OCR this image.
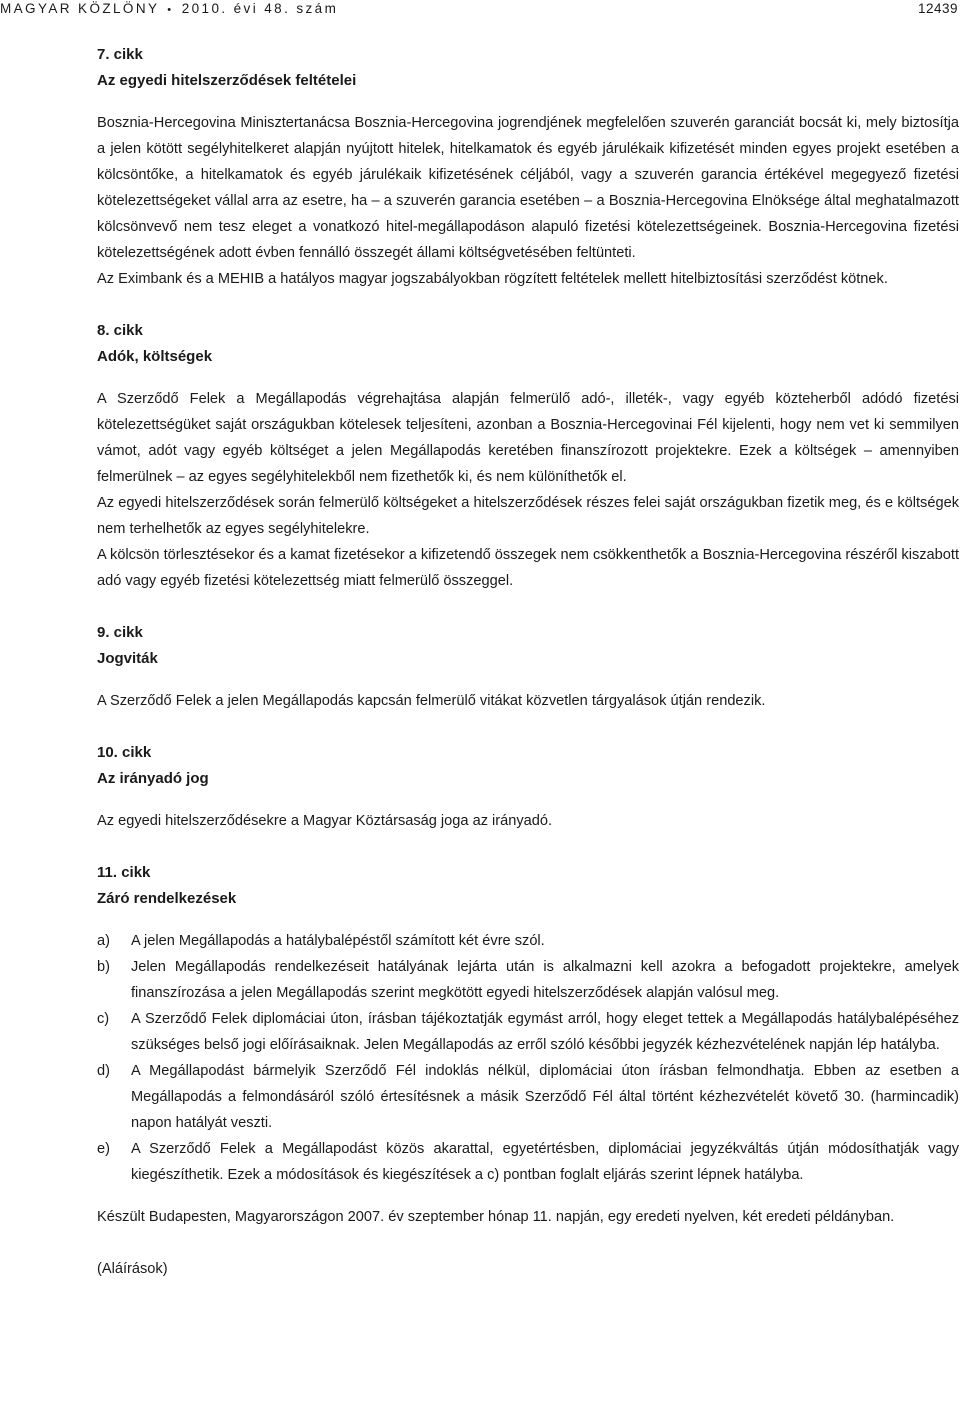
MAGYAR KÖZLÖNY • 2010. évi 48. szám	12439
7. cikk
Az egyedi hitelszerződések feltételei

Bosznia-Hercegovina Minisztertanácsa Bosznia-Hercegovina jogrendjének megfelelően szuverén garanciát bocsát ki, mely biztosítja a jelen kötött segélyhitelkeret alapján nyújtott hitelek, hitelkamatok és egyéb járulékaik kifizetését minden egyes projekt esetében a kölcsöntőke, a hitelkamatok és egyéb járulékaik kifizetésének céljából, vagy a szuverén garancia értékével megegyező fizetési kötelezettségeket vállal arra az esetre, ha – a szuverén garancia esetében – a Bosznia-Hercegovina Elnöksége által meghatalmazott kölcsönvevő nem tesz eleget a vonatkozó hitel-megállapodáson alapuló fizetési kötelezettségeinek. Bosznia-Hercegovina fizetési kötelezettségének adott évben fennálló összegét állami költségvetésében feltünteti.

Az Eximbank és a MEHIB a hatályos magyar jogszabályokban rögzített feltételek mellett hitelbiztosítási szerződést kötnek.

8. cikk
Adók, költségek

A Szerződő Felek a Megállapodás végrehajtása alapján felmerülő adó-, illeték-, vagy egyéb közteherből adódó fizetési kötelezettségüket saját országukban kötelesek teljesíteni, azonban a Bosznia-Hercegovinai Fél kijelenti, hogy nem vet ki semmilyen vámot, adót vagy egyéb költséget a jelen Megállapodás keretében finanszírozott projektekre. Ezek a költségek – amennyiben felmerülnek – az egyes segélyhitelekből nem fizethetők ki, és nem különíthetők el.

Az egyedi hitelszerződések során felmerülő költségeket a hitelszerződések részes felei saját országukban fizetik meg, és e költségek nem terhelhetők az egyes segélyhitelekre.

A kölcsön törlesztésekor és a kamat fizetésekor a kifizetendő összegek nem csökkenthetők a Bosznia-Hercegovina részéről kiszabott adó vagy egyéb fizetési kötelezettség miatt felmerülő összeggel.

9. cikk
Jogviták

A Szerződő Felek a jelen Megállapodás kapcsán felmerülő vitákat közvetlen tárgyalások útján rendezik.

10. cikk
Az irányadó jog

Az egyedi hitelszerződésekre a Magyar Köztársaság joga az irányadó.

11. cikk
Záró rendelkezések
a) A jelen Megállapodás a hatálybalépéstől számított két évre szól.
b) Jelen Megállapodás rendelkezéseit hatályának lejárta után is alkalmazni kell azokra a befogadott projektekre, amelyek finanszírozása a jelen Megállapodás szerint megkötött egyedi hitelszerződések alapján valósul meg.
c) A Szerződő Felek diplomáciai úton, írásban tájékoztatják egymást arról, hogy eleget tettek a Megállapodás hatálybalépéséhez szükséges belső jogi előírásaiknak. Jelen Megállapodás az erről szóló későbbi jegyzék kézhezvételének napján lép hatályba.
d) A Megállapodást bármelyik Szerződő Fél indoklás nélkül, diplomáciai úton írásban felmondhatja. Ebben az esetben a Megállapodás a felmondásáról szóló értesítésnek a másik Szerződő Fél által történt kézhezvételét követő 30. (harmincadik) napon hatályát veszti.
e) A Szerződő Felek a Megállapodást közös akarattal, egyetértésben, diplomáciai jegyzékváltás útján módosíthatják vagy kiegészíthetik. Ezek a módosítások és kiegészítések a c) pontban foglalt eljárás szerint lépnek hatályba.

Készült Budapesten, Magyarországon 2007. év szeptember hónap 11. napján, egy eredeti nyelven, két eredeti példányban.

(Aláírások)
